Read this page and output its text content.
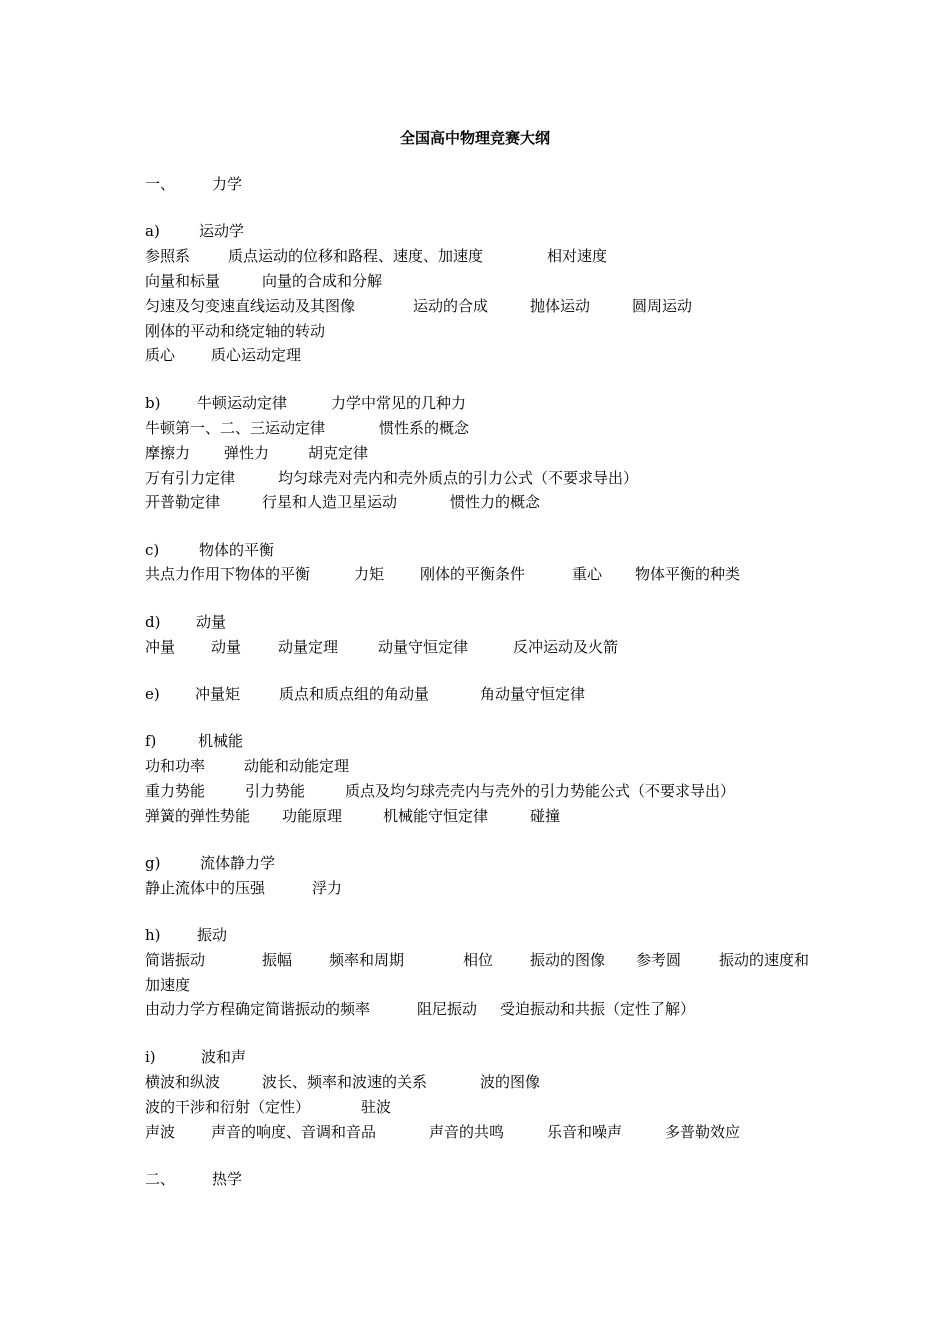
全国高中物理竞赛大纲
一、 力学
a)	运动学
参照系	质点运动的位移和路程、速度、加速度	相对速度
向量和标量	向量的合成和分解
匀速及匀变速直线运动及其图像	运动的合成	抛体运动	圆周运动
刚体的平动和绕定轴的转动
质心 质心运动定理
b) 牛顿运动定律	力学中常见的几种力
牛顿第一、二、三运动定律	惯性系的概念
摩擦力 弹性力	胡克定律
万有引力定律	均匀球壳对壳内和壳外质点的引力公式（不要求导出）
开普勒定律	行星和人造卫星运动	惯性力的概念
c)	物体的平衡
共点力作用下物体的平衡	力矩 刚体的平衡条件	重心 物体平衡的种类
d) 动量
冲量 动量 动量定理	动量守恒定律	反冲运动及火箭
e) 冲量矩	质点和质点组的角动量	角动量守恒定律
f)	机械能
功和功率	动能和动能定理
重力势能	引力势能	质点及均匀球壳壳内与壳外的引力势能公式（不要求导出）
弹簧的弹性势能 功能原理	机械能守恒定律	碰撞
g)	流体静力学
静止流体中的压强	浮力
h) 振动
简谐振动	振幅 频率和周期	相位 振动的图像 参考圆	振动的速度和
加速度
由动力学方程确定简谐振动的频率	阻尼振动 受迫振动和共振（定性了解）
i)	波和声
横波和纵波	波长、频率和波速的关系	波的图像
波的干涉和衍射（定性）	驻波
声波 声音的响度、音调和音品	声音的共鸣	乐音和噪声	多普勒效应
二、 热学
